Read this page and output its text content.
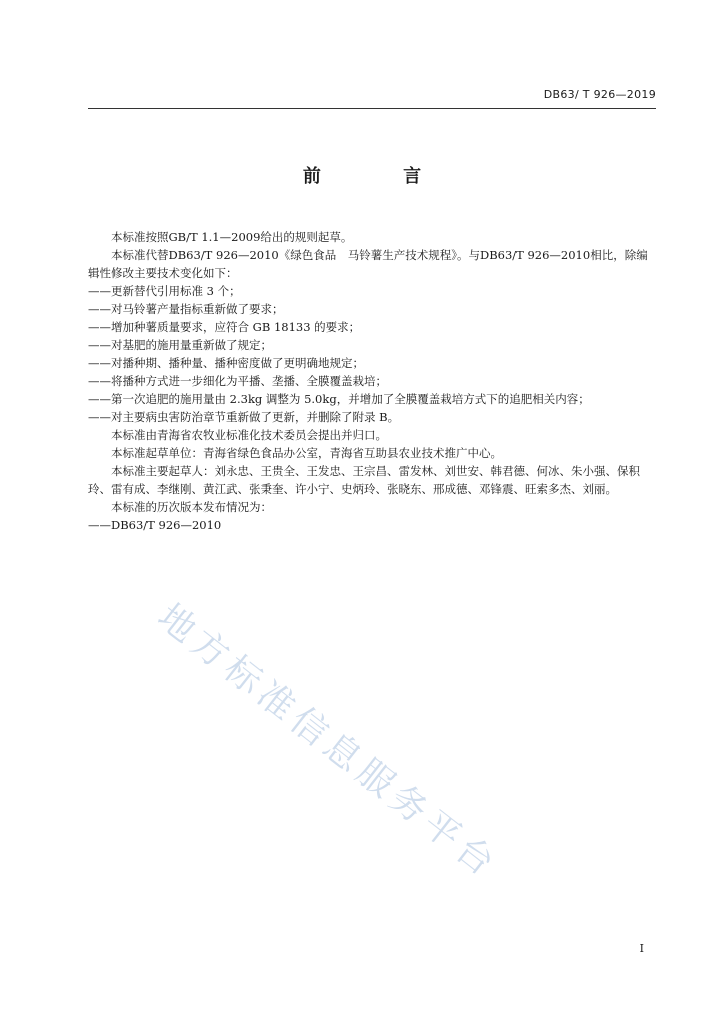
DB63/ T 926—2019
前 言

本标准按照GB/T 1.1—2009给出的规则起草。

本标准代替DB63/T 926—2010《绿色食品　马铃薯生产技术规程》。与DB63/T 926—2010相比，除编辑性修改主要技术变化如下：

——更新替代引用标准 3 个；

——对马铃薯产量指标重新做了要求；

——增加种薯质量要求，应符合 GB 18133 的要求；

——对基肥的施用量重新做了规定；

——对播种期、播种量、播种密度做了更明确地规定；

——将播种方式进一步细化为平播、垄播、全膜覆盖栽培；

——第一次追肥的施用量由 2.3kg 调整为 5.0kg，并增加了全膜覆盖栽培方式下的追肥相关内容；

——对主要病虫害防治章节重新做了更新，并删除了附录 B。

本标准由青海省农牧业标准化技术委员会提出并归口。

本标准起草单位：青海省绿色食品办公室，青海省互助县农业技术推广中心。

本标准主要起草人：刘永忠、王贵全、王发忠、王宗昌、雷发林、刘世安、韩君德、何冰、朱小强、保积玲、雷有成、李继刚、黄江武、张秉奎、许小宁、史炳玲、张晓东、邢成德、邓锋震、旺索多杰、刘丽。

本标准的历次版本发布情况为：

——DB63/T 926—2010

地方标准信息服务平台
I
